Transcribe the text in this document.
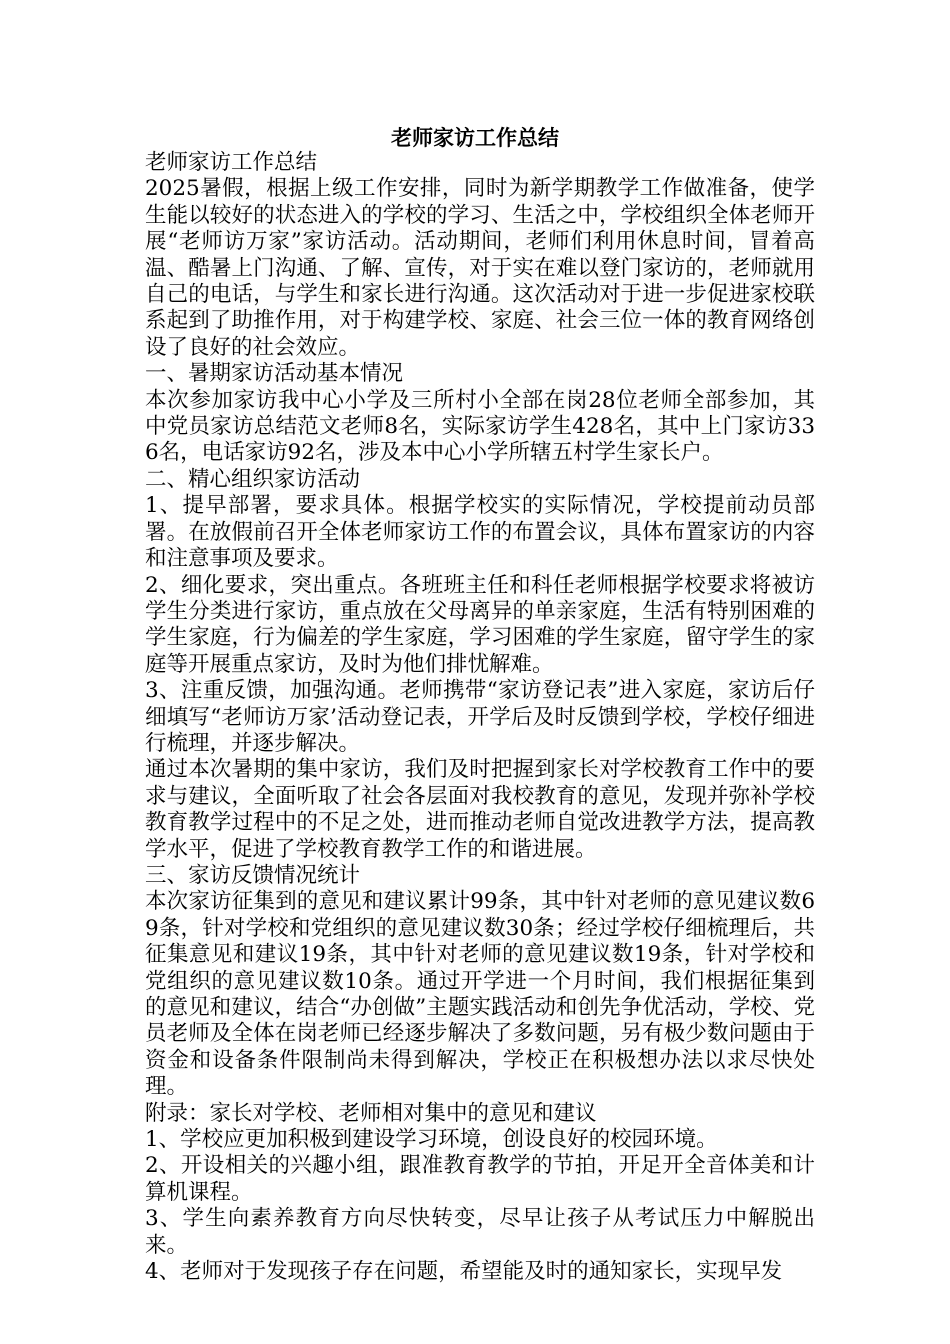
老师家访工作总结

老师家访工作总结

2025暑假，根据上级工作安排，同时为新学期教学工作做准备，使学生能以较好的状态进入的学校的学习、生活之中，学校组织全体老师开展“老师访万家”家访活动。活动期间，老师们利用休息时间，冒着高温、酷暑上门沟通、了解、宣传，对于实在难以登门家访的，老师就用自己的电话，与学生和家长进行沟通。这次活动对于进一步促进家校联系起到了助推作用，对于构建学校、家庭、社会三位一体的教育网络创设了良好的社会效应。

一、暑期家访活动基本情况

本次参加家访我中心小学及三所村小全部在岗28位老师全部参加，其中党员家访总结范文老师8名，实际家访学生428名，其中上门家访336名，电话家访92名，涉及本中心小学所辖五村学生家长户。

二、精心组织家访活动

1、提早部署，要求具体。根据学校实的实际情况，学校提前动员部署。在放假前召开全体老师家访工作的布置会议，具体布置家访的内容和注意事项及要求。

2、细化要求，突出重点。各班班主任和科任老师根据学校要求将被访学生分类进行家访，重点放在父母离异的单亲家庭，生活有特别困难的学生家庭，行为偏差的学生家庭，学习困难的学生家庭，留守学生的家庭等开展重点家访，及时为他们排忧解难。

3、注重反馈，加强沟通。老师携带“家访登记表”进入家庭，家访后仔细填写“老师访万家’活动登记表，开学后及时反馈到学校，学校仔细进行梳理，并逐步解决。

通过本次暑期的集中家访，我们及时把握到家长对学校教育工作中的要求与建议，全面听取了社会各层面对我校教育的意见，发现并弥补学校教育教学过程中的不足之处，进而推动老师自觉改进教学方法，提高教学水平，促进了学校教育教学工作的和谐进展。

三、家访反馈情况统计

本次家访征集到的意见和建议累计99条，其中针对老师的意见建议数69条，针对学校和党组织的意见建议数30条；经过学校仔细梳理后，共征集意见和建议19条，其中针对老师的意见建议数19条，针对学校和党组织的意见建议数10条。通过开学进一个月时间，我们根据征集到的意见和建议，结合“办创做”主题实践活动和创先争优活动，学校、党员老师及全体在岗老师已经逐步解决了多数问题，另有极少数问题由于资金和设备条件限制尚未得到解决，学校正在积极想办法以求尽快处理。

附录：家长对学校、老师相对集中的意见和建议

1、学校应更加积极到建设学习环境，创设良好的校园环境。

2、开设相关的兴趣小组，跟准教育教学的节拍，开足开全音体美和计算机课程。

3、学生向素养教育方向尽快转变，尽早让孩子从考试压力中解脱出来。

4、老师对于发现孩子存在问题，希望能及时的通知家长，实现早发
